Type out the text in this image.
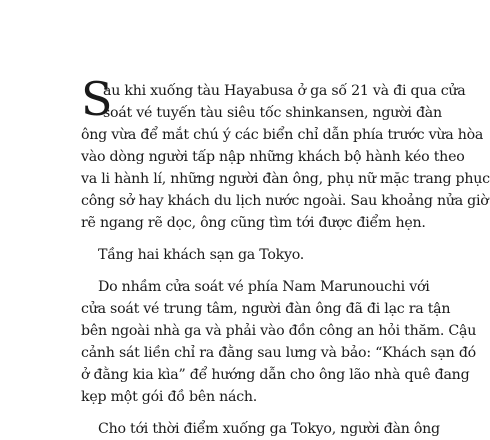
S
au khi xuống tàu Hayabusa ở ga số 21 và đi qua cửa
soát vé tuyến tàu siêu tốc shinkansen, người đàn
ông vừa để mắt chú ý các biển chỉ dẫn phía trước vừa hòa
vào dòng người tấp nập những khách bộ hành kéo theo
va li hành lí, những người đàn ông, phụ nữ mặc trang phục
công sở hay khách du lịch nước ngoài. Sau khoảng nửa giờ
rẽ ngang rẽ dọc, ông cũng tìm tới được điểm hẹn.
Tầng hai khách sạn ga Tokyo.
Do nhầm cửa soát vé phía Nam Marunouchi với
cửa soát vé trung tâm, người đàn ông đã đi lạc ra tận
bên ngoài nhà ga và phải vào đồn công an hỏi thăm. Cậu
cảnh sát liền chỉ ra đằng sau lưng và bảo: “Khách sạn đó
ở đằng kia kìa” để hướng dẫn cho ông lão nhà quê đang
kẹp một gói đồ bên nách.
Cho tới thời điểm xuống ga Tokyo, người đàn ông
